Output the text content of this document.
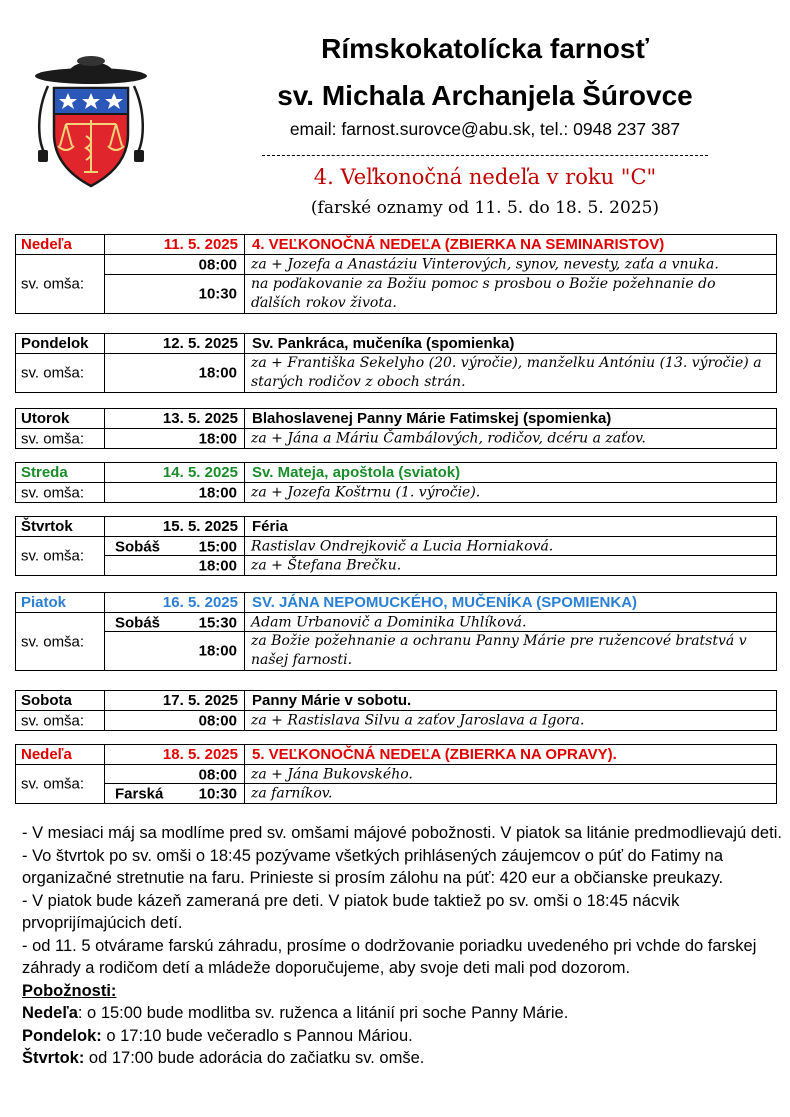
Rímskokatolícka farnosť
sv. Michala Archanjela Šúrovce
email: farnost.surovce@abu.sk, tel.: 0948 237 387
4. Veľkonočná nedeľa v roku "C"
(farské oznamy od 11. 5. do 18. 5. 2025)
Nedeľa	11. 5. 2025 4. VEĽKONOČNÁ NEDEĽA (ZBIERKA NA SEMINARISTOV)
08:00 za + Jozefa a Anastáziu Vinterových, synov, nevesty, zaťa a vnuka.
10:30
na poďakovanie za Božiu pomoc s prosbou o Božie požehnanie do ďalších rokov života.
sv. omša:
Pondelok	12. 5. 2025 Sv. Pankráca, mučeníka (spomienka)
18:00
za + Františka Sekelyho (20. výročie), manželku Antóniu (13. výročie) a starých rodičov z oboch strán.
sv. omša:
Utorok	13. 5. 2025 Blahoslavenej Panny Márie Fatimskej (spomienka)
18:00 za + Jána a Máriu Čambálových, rodičov, dcéru a zaťov.
sv. omša:
Streda	14. 5. 2025 Sv. Mateja, apoštola (sviatok)
18:00 za + Jozefa Koštrnu (1. výročie).
sv. omša:
Štvrtok	15. 5. 2025 Féria
Sobáš	15:00 Rastislav Ondrejkovič a Lucia Horniaková.
18:00 za + Štefana Brečku.
sv. omša:
Piatok	16. 5. 2025 SV. JÁNA NEPOMUCKÉHO, MUČENÍKA (SPOMIENKA)
Sobáš	15:30 Adam Urbanovič a Dominika Uhlíková.
18:00
za Božie požehnanie a ochranu Panny Márie pre ružencové bratstvá v našej farnosti.
sv. omša:
Sobota	17. 5. 2025 Panny Márie v sobotu.
08:00 za + Rastislava Silvu a zaťov Jaroslava a Igora.
sv. omša:
Nedeľa	18. 5. 2025 5. VEĽKONOČNÁ NEDEĽA (ZBIERKA NA OPRAVY).
08:00 za + Jána Bukovského.
Farská	10:30 za farníkov.
sv. omša:

- V mesiaci máj sa modlíme pred sv. omšami májové pobožnosti. V piatok sa litánie predmodlievajú deti.

- Vo štvrtok po sv. omši o 18:45 pozývame všetkých prihlásených záujemcov o púť do Fatimy na organizačné stretnutie na faru. Prinieste si prosím zálohu na púť: 420 eur a občianske preukazy.

- V piatok bude kázeň zameraná pre deti. V piatok bude taktiež po sv. omši o 18:45 nácvik prvoprijímajúcich detí.

- od 11. 5 otvárame farskú záhradu, prosíme o dodržovanie poriadku uvedeného pri vchde do farskej záhrady a rodičom detí a mládeže doporučujeme, aby svoje deti mali pod dozorom.

Pobožnosti:

Nedeľa: o 15:00 bude modlitba sv. ruženca a litánií pri soche Panny Márie.

Pondelok: o 17:10 bude večeradlo s Pannou Máriou.

Štvrtok: od 17:00 bude adorácia do začiatku sv. omše.
